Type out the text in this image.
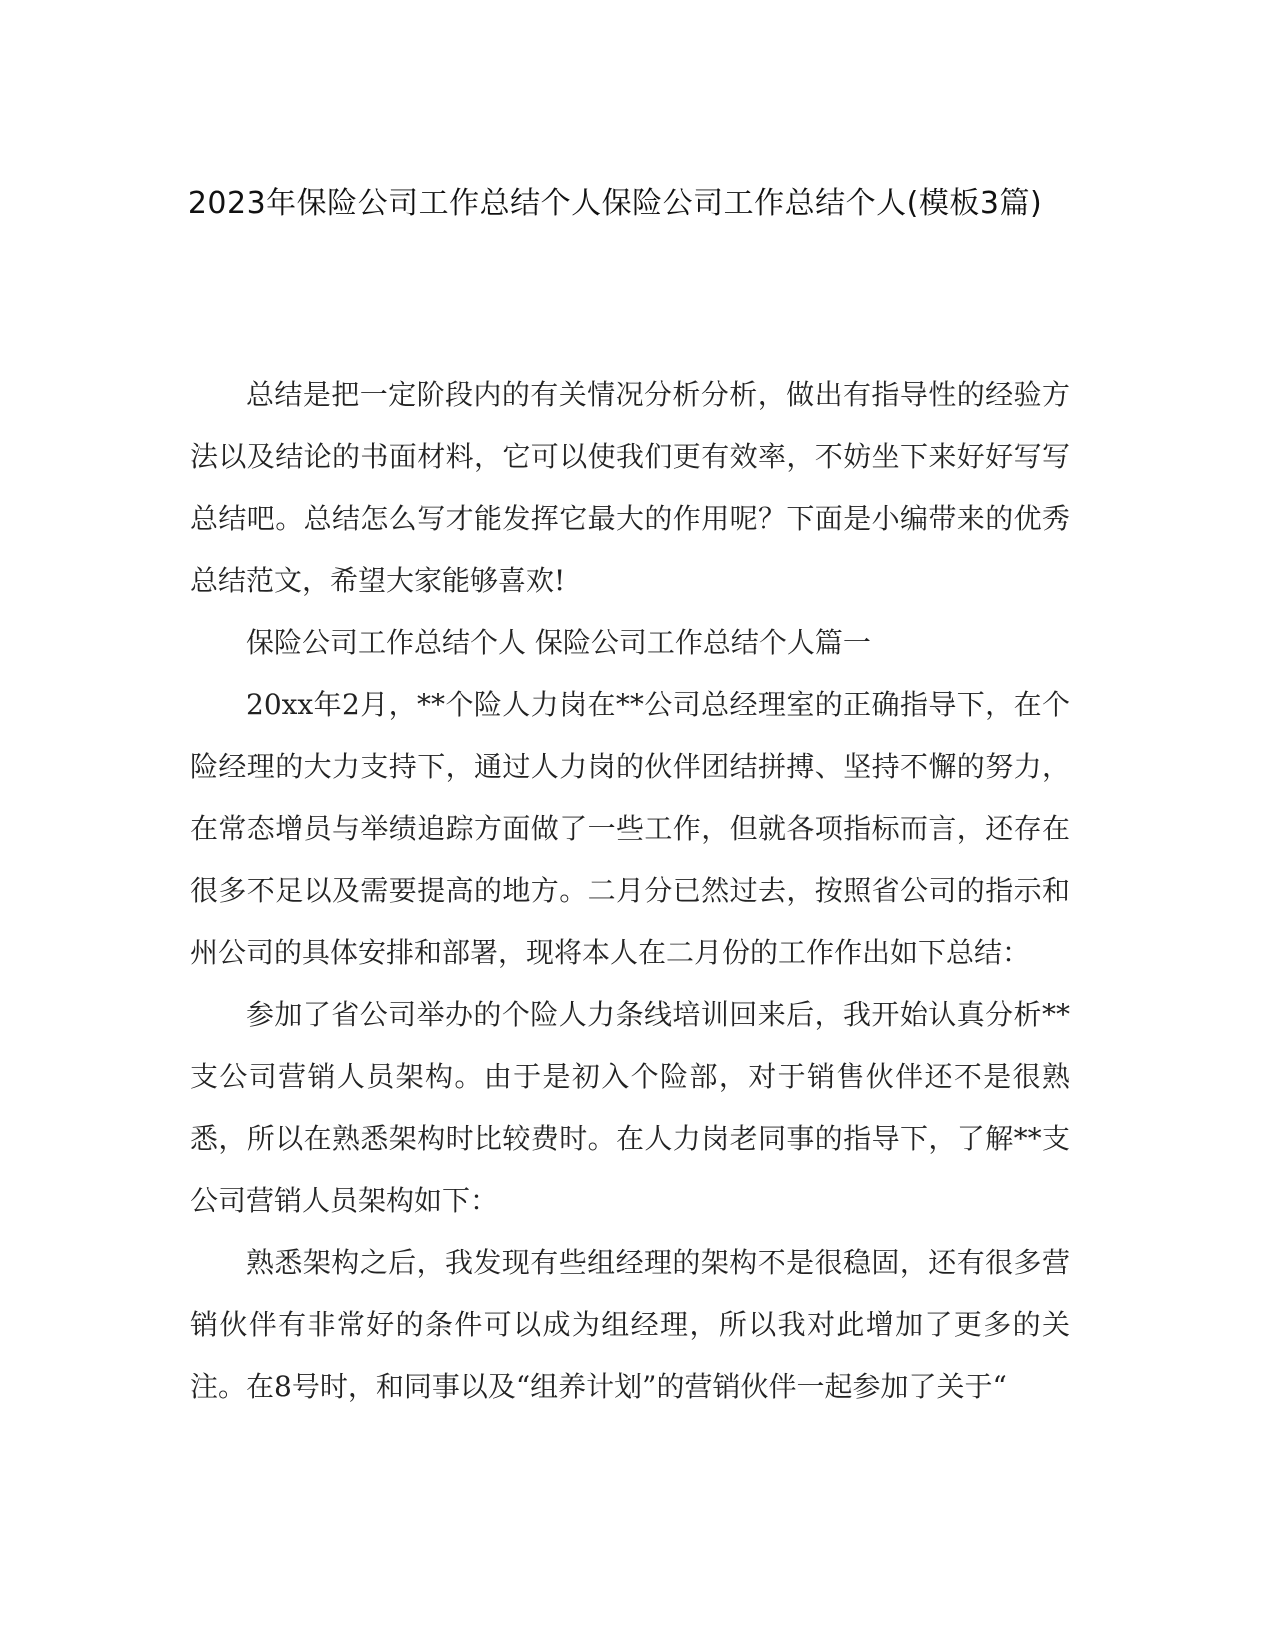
2023年保险公司工作总结个人保险公司工作总结个人(模板3篇)

总结是把一定阶段内的有关情况分析分析，做出有指导性的经验方法以及结论的书面材料，它可以使我们更有效率，不妨坐下来好好写写总结吧。总结怎么写才能发挥它最大的作用呢？下面是小编带来的优秀总结范文，希望大家能够喜欢!

保险公司工作总结个人 保险公司工作总结个人篇一

20xx年2月，**个险人力岗在**公司总经理室的正确指导下，在个险经理的大力支持下，通过人力岗的伙伴团结拼搏、坚持不懈的努力，在常态增员与举绩追踪方面做了一些工作，但就各项指标而言，还存在很多不足以及需要提高的地方。二月分已然过去，按照省公司的指示和州公司的具体安排和部署，现将本人在二月份的工作作出如下总结：

参加了省公司举办的个险人力条线培训回来后，我开始认真分析**支公司营销人员架构。由于是初入个险部，对于销售伙伴还不是很熟悉，所以在熟悉架构时比较费时。在人力岗老同事的指导下，了解**支公司营销人员架构如下：

熟悉架构之后，我发现有些组经理的架构不是很稳固，还有很多营销伙伴有非常好的条件可以成为组经理，所以我对此增加了更多的关注。在8号时，和同事以及“组养计划”的营销伙伴一起参加了关于“
